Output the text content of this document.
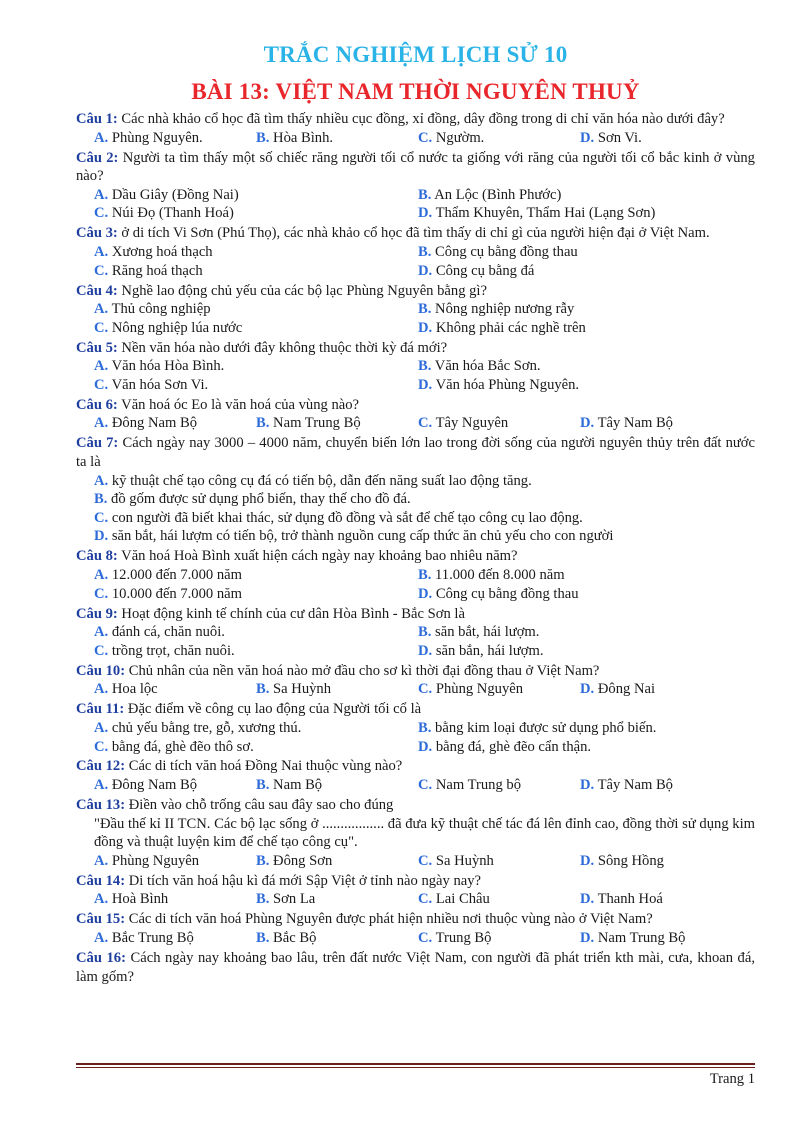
TRẮC NGHIỆM LỊCH SỬ 10
BÀI 13: VIỆT NAM THỜI NGUYÊN THUỶ
Câu 1: Các nhà khảo cổ học đã tìm thấy nhiều cục đồng, xỉ đồng, dây đồng trong di chỉ văn hóa nào dưới đây?
A. Phùng Nguyên.	B. Hòa Bình.	C. Ngườm.	D. Sơn Vi.
Câu 2: Người ta tìm thấy một số chiếc răng người tối cổ nước ta giống với răng của người tối cổ bắc kinh ở vùng nào?
A. Dầu Giây (Đồng Nai)	B. An Lộc (Bình Phước)
C. Núi Đọ (Thanh Hoá)	D. Thẩm Khuyên, Thẩm Hai (Lạng Sơn)
Câu 3: ở di tích Vi Sơn (Phú Thọ), các nhà khảo cổ học đã tìm thấy di chỉ gì của người hiện đại ở Việt Nam.
A. Xương hoá thạch	B. Công cụ bằng đồng thau
C. Răng hoá thạch	D. Công cụ bằng đá
Câu 4: Nghề lao động chủ yếu của các bộ lạc Phùng Nguyên bằng gì?
A. Thủ công nghiệp	B. Nông nghiệp nương rẫy
C. Nông nghiệp lúa nước	D. Không phải các nghề trên
Câu 5: Nền văn hóa nào dưới đây không thuộc thời kỳ đá mới?
A. Văn hóa Hòa Bình.	B. Văn hóa Bắc Sơn.
C. Văn hóa Sơn Vi.	D. Văn hóa Phùng Nguyên.
Câu 6: Văn hoá óc Eo là văn hoá của vùng nào?
A. Đông Nam Bộ	B. Nam Trung Bộ	C. Tây Nguyên	D. Tây Nam Bộ
Câu 7: Cách ngày nay 3000 – 4000 năm, chuyển biến lớn lao trong đời sống của người nguyên thủy trên đất nước ta là
A. kỹ thuật chế tạo công cụ đá có tiến bộ, dẫn đến năng suất lao động tăng.
B. đồ gốm được sử dụng phổ biến, thay thế cho đồ đá.
C. con người đã biết khai thác, sử dụng đồ đồng và sắt để chế tạo công cụ lao động.
D. săn bắt, hái lượm có tiến bộ, trở thành nguồn cung cấp thức ăn chủ yếu cho con người
Câu 8: Văn hoá Hoà Bình xuất hiện cách ngày nay khoảng bao nhiêu năm?
A. 12.000 đến 7.000 năm	B. 11.000 đến 8.000 năm
C. 10.000 đến 7.000 năm	D. Công cụ bằng đồng thau
Câu 9: Hoạt động kinh tế chính của cư dân Hòa Bình - Bắc Sơn là
A. đánh cá, chăn nuôi.	B. săn bắt, hái lượm.
C. trồng trọt, chăn nuôi.	D. săn bắn, hái lượm.
Câu 10: Chủ nhân của nền văn hoá nào mở đầu cho sơ kì thời đại đồng thau ở Việt Nam?
A. Hoa lộc	B. Sa Huỳnh	C. Phùng Nguyên	D. Đông Nai
Câu 11: Đặc điểm về công cụ lao động của Người tối cổ là
A. chủ yếu bằng tre, gỗ, xương thú.	B. bằng kim loại được sử dụng phổ biến.
C. bằng đá, ghè đẽo thô sơ.	D. bằng đá, ghè đẽo cẩn thận.
Câu 12: Các di tích văn hoá Đồng Nai thuộc vùng nào?
A. Đông Nam Bộ	B. Nam Bộ	C. Nam Trung bộ	D. Tây Nam Bộ
Câu 13: Điền vào chỗ trống câu sau đây sao cho đúng
"Đầu thế kỉ II TCN. Các bộ lạc sống ở ................. đã đưa kỹ thuật chế tác đá lên đỉnh cao, đồng thời sử dụng kim đồng và thuật luyện kim để chế tạo công cụ".
A. Phùng Nguyên	B. Đông Sơn	C. Sa Huỳnh	D. Sông Hồng
Câu 14: Di tích văn hoá hậu kì đá mới Sập Việt ở tỉnh nào ngày nay?
A. Hoà Bình	B. Sơn La	C. Lai Châu	D. Thanh Hoá
Câu 15: Các di tích văn hoá Phùng Nguyên được phát hiện nhiều nơi thuộc vùng nào ở Việt Nam?
A. Bắc Trung Bộ	B. Bắc Bộ	C. Trung Bộ	D. Nam Trung Bộ
Câu 16: Cách ngày nay khoảng bao lâu, trên đất nước Việt Nam, con người đã phát triển kth mài, cưa, khoan đá, làm gốm?
Trang 1
